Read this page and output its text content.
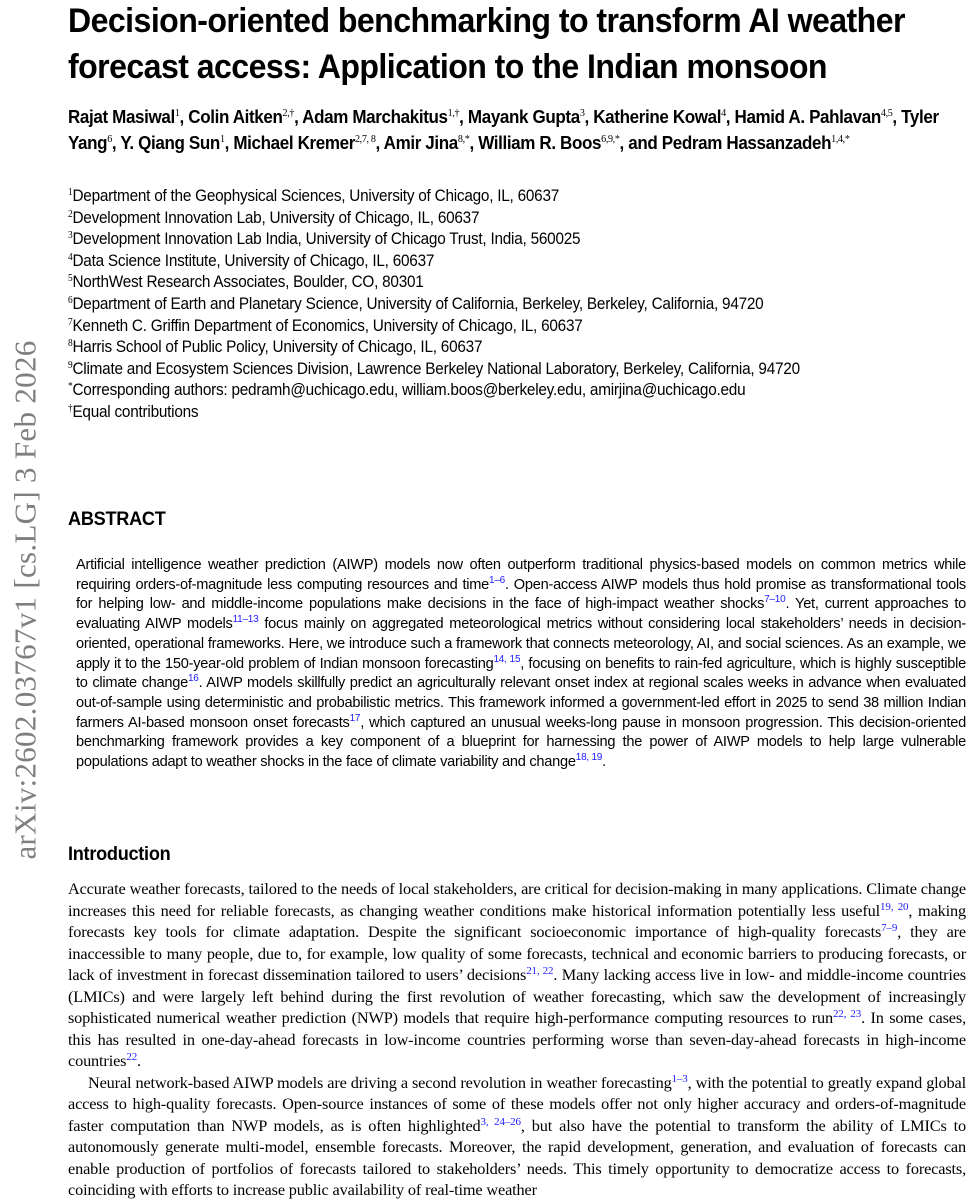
arXiv:2602.03767v1 [cs.LG] 3 Feb 2026
Decision-oriented benchmarking to transform AI weather forecast access: Application to the Indian monsoon
Rajat Masiwal$^1$, Colin Aitken$^{2,\dagger}$, Adam Marchakitus$^{1,\dagger}$, Mayank Gupta$^3$, Katherine Kowal$^4$, Hamid A. Pahlavan$^{4,5}$, Tyler Yang$^6$, Y. Qiang Sun$^1$, Michael Kremer$^{2,7, 8}$, Amir Jina$^{8,*}$, William R. Boos$^{6,9,*}$, and Pedram Hassanzadeh$^{1,4,*}$
$^1$Department of the Geophysical Sciences, University of Chicago, IL, 60637
$^2$Development Innovation Lab, University of Chicago, IL, 60637
$^3$Development Innovation Lab India, University of Chicago Trust, India, 560025
$^4$Data Science Institute, University of Chicago, IL, 60637
$^5$NorthWest Research Associates, Boulder, CO, 80301
$^6$Department of Earth and Planetary Science, University of California, Berkeley, Berkeley, California, 94720
$^7$Kenneth C. Griffin Department of Economics, University of Chicago, IL, 60637
$^8$Harris School of Public Policy, University of Chicago, IL, 60637
$^9$Climate and Ecosystem Sciences Division, Lawrence Berkeley National Laboratory, Berkeley, California, 94720
*Corresponding authors: pedramh@uchicago.edu, william.boos@berkeley.edu, amirjina@uchicago.edu
†Equal contributions
ABSTRACT
Artificial intelligence weather prediction (AIWP) models now often outperform traditional physics-based models on common metrics while requiring orders-of-magnitude less computing resources and time$^{1-6}$. Open-access AIWP models thus hold promise as transformational tools for helping low- and middle-income populations make decisions in the face of high-impact weather shocks$^{7-10}$. Yet, current approaches to evaluating AIWP models$^{11-13}$ focus mainly on aggregated meteorological metrics without considering local stakeholders’ needs in decision-oriented, operational frameworks. Here, we introduce such a framework that connects meteorology, AI, and social sciences. As an example, we apply it to the 150-year-old problem of Indian monsoon forecasting$^{14, 15}$, focusing on benefits to rain-fed agriculture, which is highly susceptible to climate change$^{16}$. AIWP models skillfully predict an agriculturally relevant onset index at regional scales weeks in advance when evaluated out-of-sample using deterministic and probabilistic metrics. This framework informed a government-led effort in 2025 to send 38 million Indian farmers AI-based monsoon onset forecasts$^{17}$, which captured an unusual weeks-long pause in monsoon progression. This decision-oriented benchmarking framework provides a key component of a blueprint for harnessing the power of AIWP models to help large vulnerable populations adapt to weather shocks in the face of climate variability and change$^{18, 19}$.
Introduction

Accurate weather forecasts, tailored to the needs of local stakeholders, are critical for decision-making in many applications. Climate change increases this need for reliable forecasts, as changing weather conditions make historical information potentially less useful$^{19, 20}$, making forecasts key tools for climate adaptation. Despite the significant socioeconomic importance of high-quality forecasts$^{7-9}$, they are inaccessible to many people, due to, for example, low quality of some forecasts, technical and economic barriers to producing forecasts, or lack of investment in forecast dissemination tailored to users’ decisions$^{21, 22}$. Many lacking access live in low- and middle-income countries (LMICs) and were largely left behind during the first revolution of weather forecasting, which saw the development of increasingly sophisticated numerical weather prediction (NWP) models that require high-performance computing resources to run$^{22, 23}$. In some cases, this has resulted in one-day-ahead forecasts in low-income countries performing worse than seven-day-ahead forecasts in high-income countries$^{22}$.

Neural network-based AIWP models are driving a second revolution in weather forecasting$^{1-3}$, with the potential to greatly expand global access to high-quality forecasts. Open-source instances of some of these models offer not only higher accuracy and orders-of-magnitude faster computation than NWP models, as is often highlighted$^{3, 24-26}$, but also have the potential to transform the ability of LMICs to autonomously generate multi-model, ensemble forecasts. Moreover, the rapid development, generation, and evaluation of forecasts can enable production of portfolios of forecasts tailored to stakeholders’ needs. This timely opportunity to democratize access to forecasts, coinciding with efforts to increase public availability of real-time weather
